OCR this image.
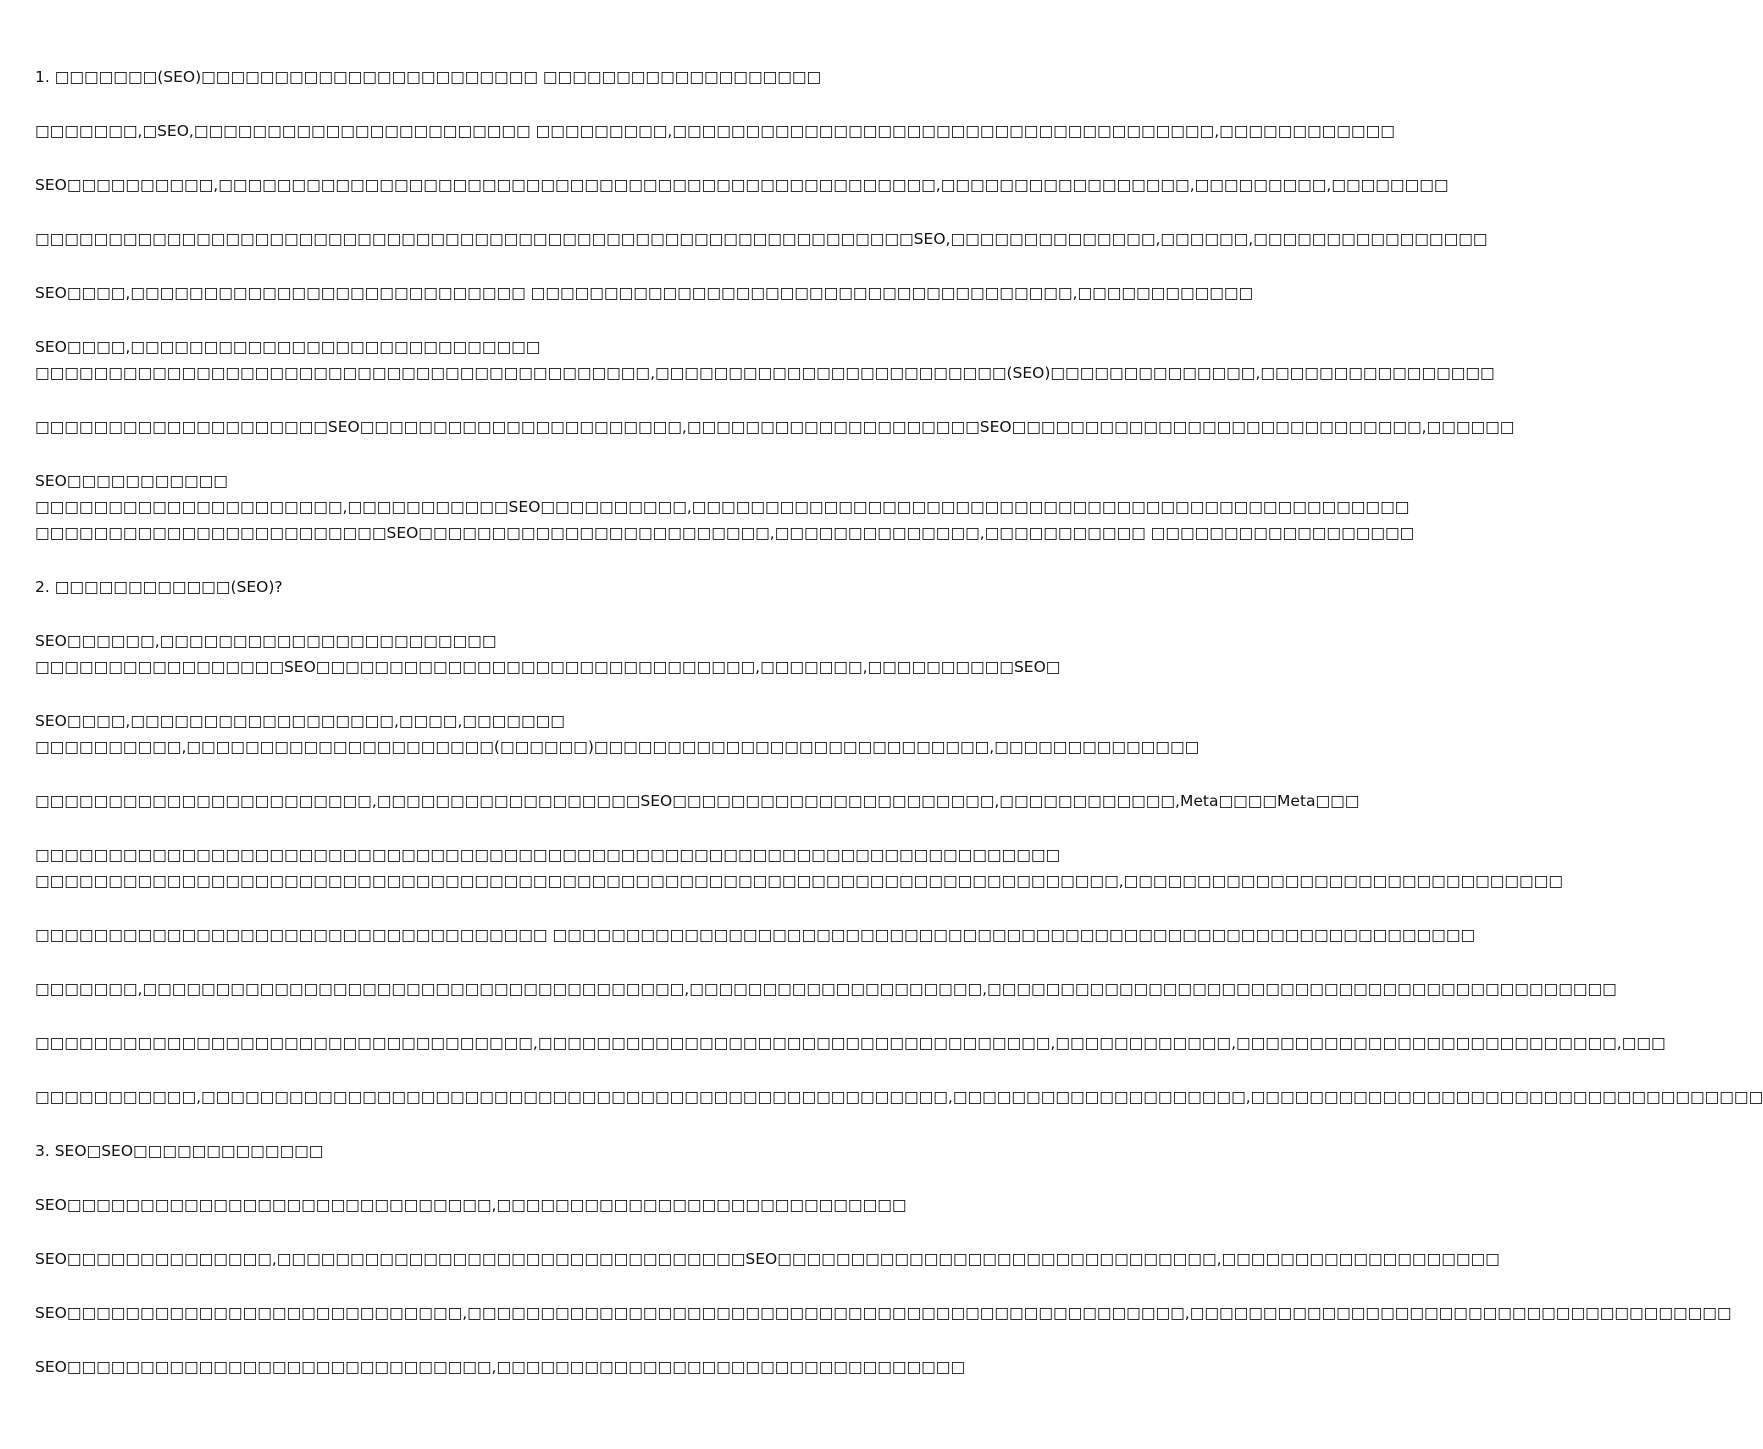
1. □□□□□□□(SEO)□□□□□□□□□□□□□□□□□□□□□□□ □□□□□□□□□□□□□□□□□□□
□□□□□□□,□SEO,□□□□□□□□□□□□□□□□□□□□□□□ □□□□□□□□□,□□□□□□□□□□□□□□□□□□□□□□□□□□□□□□□□□□□□□,□□□□□□□□□□□□
SEO□□□□□□□□□□,□□□□□□□□□□□□□□□□□□□□□□□□□□□□□□□□□□□□□□□□□□□□□□□□□,□□□□□□□□□□□□□□□□□,□□□□□□□□□,□□□□□□□□
□□□□□□□□□□□□□□□□□□□□□□□□□□□□□□□□□□□□□□□□□□□□□□□□□□□□□□□□□□□□SEO,□□□□□□□□□□□□□□,□□□□□□,□□□□□□□□□□□□□□□□
SEO□□□□,□□□□□□□□□□□□□□□□□□□□□□□□□□□ □□□□□□□□□□□□□□□□□□□□□□□□□□□□□□□□□□□□□,□□□□□□□□□□□□
SEO□□□□,□□□□□□□□□□□□□□□□□□□□□□□□□□□□
□□□□□□□□□□□□□□□□□□□□□□□□□□□□□□□□□□□□□□□□□□,□□□□□□□□□□□□□□□□□□□□□□□□(SEO)□□□□□□□□□□□□□□,□□□□□□□□□□□□□□□□
□□□□□□□□□□□□□□□□□□□□SEO□□□□□□□□□□□□□□□□□□□□□□,□□□□□□□□□□□□□□□□□□□□SEO□□□□□□□□□□□□□□□□□□□□□□□□□□□□,□□□□□□
SEO□□□□□□□□□□□
□□□□□□□□□□□□□□□□□□□□□,□□□□□□□□□□□SEO□□□□□□□□□□,□□□□□□□□□□□□□□□□□□□□□□□□□□□□□□□□□□□□□□□□□□□□□□□□□
□□□□□□□□□□□□□□□□□□□□□□□□SEO□□□□□□□□□□□□□□□□□□□□□□□□,□□□□□□□□□□□□□□,□□□□□□□□□□□ □□□□□□□□□□□□□□□□□□
2. □□□□□□□□□□□□(SEO)?
SEO□□□□□□,□□□□□□□□□□□□□□□□□□□□□□□
□□□□□□□□□□□□□□□□□SEO□□□□□□□□□□□□□□□□□□□□□□□□□□□□□□,□□□□□□□,□□□□□□□□□□SEO□
SEO□□□□,□□□□□□□□□□□□□□□□□□,□□□□,□□□□□□□
□□□□□□□□□□,□□□□□□□□□□□□□□□□□□□□□(□□□□□□)□□□□□□□□□□□□□□□□□□□□□□□□□□□,□□□□□□□□□□□□□□
□□□□□□□□□□□□□□□□□□□□□□□,□□□□□□□□□□□□□□□□□□SEO□□□□□□□□□□□□□□□□□□□□□□,□□□□□□□□□□□□,Meta□□□□Meta□□□
□□□□□□□□□□□□□□□□□□□□□□□□□□□□□□□□□□□□□□□□□□□□□□□□□□□□□□□□□□□□□□□□□□□□□□
□□□□□□□□□□□□□□□□□□□□□□□□□□□□□□□□□□□□□□□□□□□□□□□□□□□□□□□□□□□□□□□□□□□□□□□□□□,□□□□□□□□□□□□□□□□□□□□□□□□□□□□□□
□□□□□□□□□□□□□□□□□□□□□□□□□□□□□□□□□□□ □□□□□□□□□□□□□□□□□□□□□□□□□□□□□□□□□□□□□□□□□□□□□□□□□□□□□□□□□□□□□□□
□□□□□□□,□□□□□□□□□□□□□□□□□□□□□□□□□□□□□□□□□□□□□,□□□□□□□□□□□□□□□□□□□□,□□□□□□□□□□□□□□□□□□□□□□□□□□□□□□□□□□□□□□□□□□□
□□□□□□□□□□□□□□□□□□□□□□□□□□□□□□□□□□,□□□□□□□□□□□□□□□□□□□□□□□□□□□□□□□□□□□,□□□□□□□□□□□□,□□□□□□□□□□□□□□□□□□□□□□□□□□,□□□
□□□□□□□□□□□,□□□□□□□□□□□□□□□□□□□□□□□□□□□□□□□□□□□□□□□□□□□□□□□□□□□,□□□□□□□□□□□□□□□□□□□□,□□□□□□□□□□□□□□□□□□□□□□□□□□□□□□□□□□□
3. SEO□SEO□□□□□□□□□□□□□
SEO□□□□□□□□□□□□□□□□□□□□□□□□□□□□□,□□□□□□□□□□□□□□□□□□□□□□□□□□□□
SEO□□□□□□□□□□□□□□,□□□□□□□□□□□□□□□□□□□□□□□□□□□□□□□□SEO□□□□□□□□□□□□□□□□□□□□□□□□□□□□□□,□□□□□□□□□□□□□□□□□□□
SEO□□□□□□□□□□□□□□□□□□□□□□□□□□□,□□□□□□□□□□□□□□□□□□□□□□□□□□□□□□□□□□□□□□□□□□□□□□□□□,□□□□□□□□□□□□□□□□□□□□□□□□□□□□□□□□□□□□□
SEO□□□□□□□□□□□□□□□□□□□□□□□□□□□□□,□□□□□□□□□□□□□□□□□□□□□□□□□□□□□□□□
